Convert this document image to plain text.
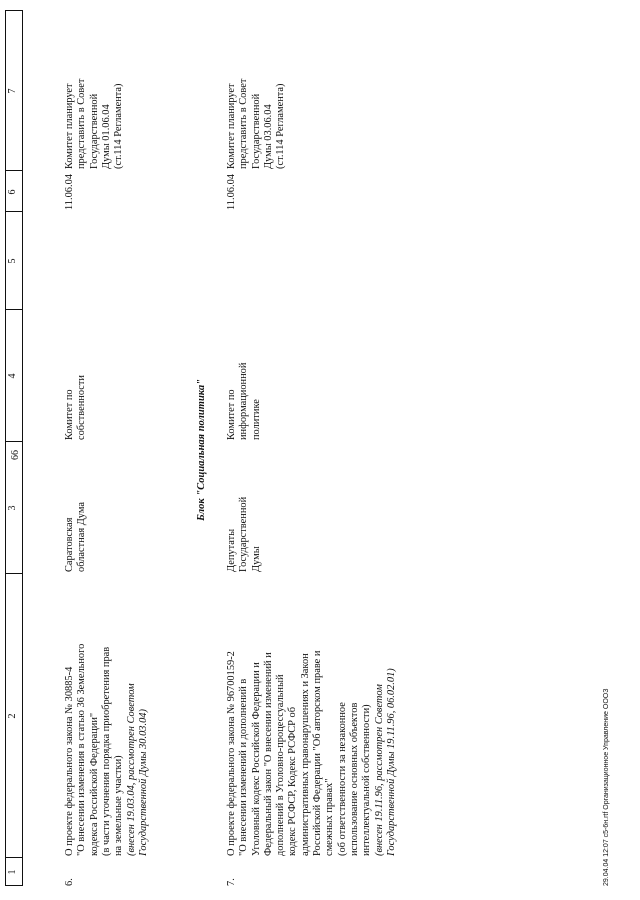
66
1
2
3
4
5
6
7
6.
О проекте федерального закона № 30885-4
"О внесении изменения в статью 36 Земельного
кодекса Российской Федерации"
(в части уточнения порядка приобретения прав
на земельные участки)
(внесен 19.03.04, рассмотрен Советом
Государственной Думы 30.03.04)
Саратовская
областная Дума
Комитет по
собственности
11.06.04
Комитет планирует
представить в Совет
Государственной
Думы 01.06.04
(ст.114 Регламента)
Блок "Социальная политика"
7.
О проекте федерального закона № 96700159-2
"О внесении изменений и дополнений в
Уголовный кодекс Российской Федерации и
Федеральный закон "О внесении изменений и
дополнений в Уголовно-процессуальный
кодекс РСФСР, Кодекс РСФСР об
административных правонарушениях и Закон
Российской Федерации "Об авторском праве и
смежных правах"
(об ответственности за незаконное
использование основных объектов
интеллектуальной собственности)
(внесен 19.11.96, рассмотрен Советом
Государственной Думы 19.11.96, 06.02.01)
Депутаты
Государственной
Думы
Комитет по
информационной
политике
11.06.04
Комитет планирует
представить в Совет
Государственной
Думы 03.06.04
(ст.114 Регламента)
29.04.04 12:07 с5-6н.rtf Организационное Управление ОООЗ
